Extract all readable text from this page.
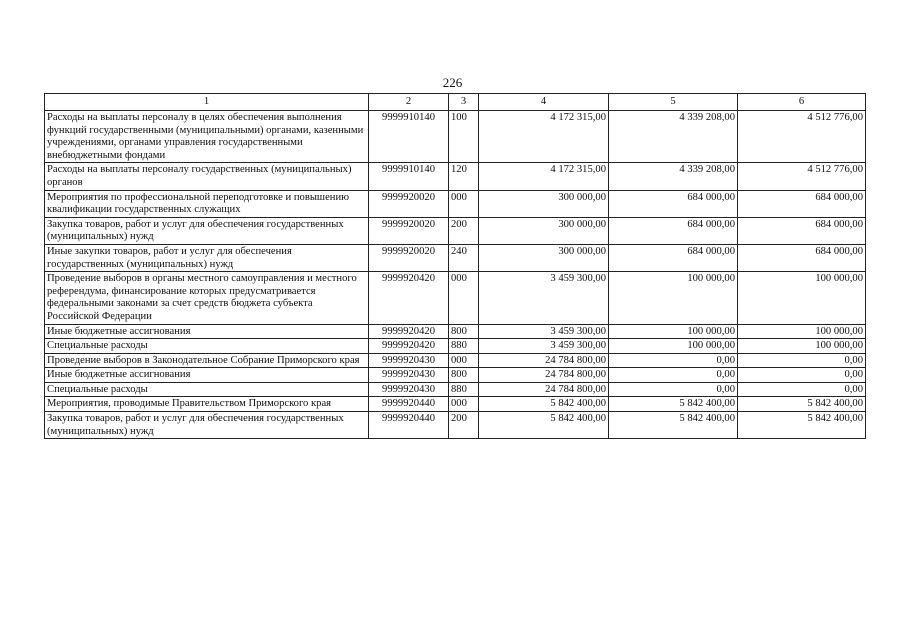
226
1	2	3	4	5	6
Расходы на выплаты персоналу в целях обеспечения выполнения функций государственными (муниципальными) органами, казенными учреждениями, органами управления государственными внебюджетными фондами	9999910140	100	4 172 315,00	4 339 208,00	4 512 776,00
Расходы на выплаты персоналу государственных (муниципальных) органов	9999910140	120	4 172 315,00	4 339 208,00	4 512 776,00
Мероприятия по профессиональной переподготовке и повышению квалификации государственных служащих	9999920020	000	300 000,00	684 000,00	684 000,00
Закупка товаров, работ и услуг для обеспечения государственных (муниципальных) нужд	9999920020	200	300 000,00	684 000,00	684 000,00
Иные закупки товаров, работ и услуг для обеспечения государственных (муниципальных) нужд	9999920020	240	300 000,00	684 000,00	684 000,00
Проведение выборов в органы местного самоуправления и местного референдума, финансирование которых предусматривается федеральными законами за счет средств бюджета субъекта Российской Федерации	9999920420	000	3 459 300,00	100 000,00	100 000,00
Иные бюджетные ассигнования	9999920420	800	3 459 300,00	100 000,00	100 000,00
Специальные расходы	9999920420	880	3 459 300,00	100 000,00	100 000,00
Проведение выборов в Законодательное Собрание Приморского края	9999920430	000	24 784 800,00	0,00	0,00
Иные бюджетные ассигнования	9999920430	800	24 784 800,00	0,00	0,00
Специальные расходы	9999920430	880	24 784 800,00	0,00	0,00
Мероприятия, проводимые Правительством Приморского края	9999920440	000	5 842 400,00	5 842 400,00	5 842 400,00
Закупка товаров, работ и услуг для обеспечения государственных (муниципальных) нужд	9999920440	200	5 842 400,00	5 842 400,00	5 842 400,00
